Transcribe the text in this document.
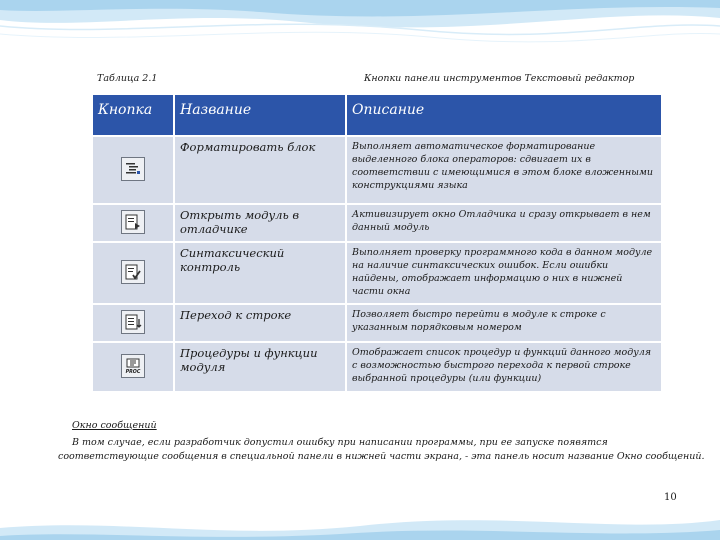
Таблица 2.1	Кнопки панели инструментов Текстовый редактор
Кнопка	Название	Описание

	Форматировать блок	Выполняет автоматическое форматирование выделенного блока операторов: сдвигает их в соответствии с имеющимися в этом блоке вложенными конструкциями языка

	Открыть модуль в отладчике	Активизирует окно Отладчика и сразу открывает в нем данный модуль

	Синтаксический контроль	Выполняет проверку программного кода в данном модуле на наличие синтаксических ошибок. Если ошибки найдены, отображает информацию о них в нижней части окна

	Переход к строке	Позволяет быстро перейти в модуле к строке с указанным порядковым номером

PROC	Процедуры и функции модуля	Отображает список процедур и функций данного модуля с возможностью быстрого перехода к первой строке выбранной процедуры (или функции)
Окно сообщений
В том случае, если разработчик допустил ошибку при написании программы, при ее запуске появятся соответствующие сообщения в специальной панели в нижней части экрана, - эта панель носит название Окно сообщений.
10
